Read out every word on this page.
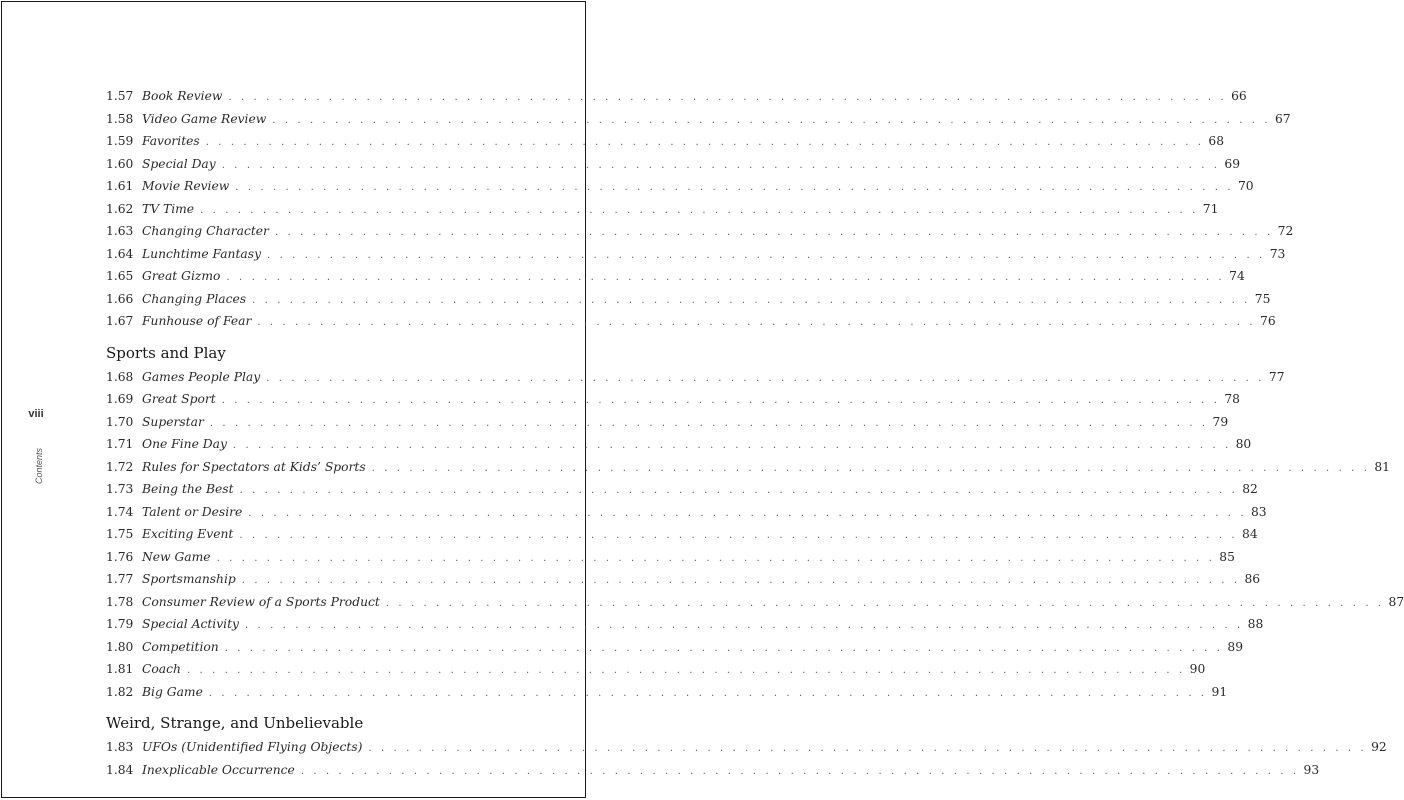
viii
Contents
1.57 Book Review . . . . . . . . . . . . . . . . . . . . . . . . . . . . . . . . . . . . . . . . . . . . . . . . . . . . . . . . . . . . . . . . . . . . . . . . . . . . . . . . 66
1.58 Video Game Review . . . . . . . . . . . . . . . . . . . . . . . . . . . . . . . . . . . . . . . . . . . . . . . . . . . . . . . . . . . . . . . . . . . . . . . . . . . . . . . . 67
1.59 Favorites . . . . . . . . . . . . . . . . . . . . . . . . . . . . . . . . . . . . . . . . . . . . . . . . . . . . . . . . . . . . . . . . . . . . . . . . . . . . . . . . 68
1.60 Special Day . . . . . . . . . . . . . . . . . . . . . . . . . . . . . . . . . . . . . . . . . . . . . . . . . . . . . . . . . . . . . . . . . . . . . . . . . . . . . . . . 69
1.61 Movie Review . . . . . . . . . . . . . . . . . . . . . . . . . . . . . . . . . . . . . . . . . . . . . . . . . . . . . . . . . . . . . . . . . . . . . . . . . . . . . . . . 70
1.62 TV Time . . . . . . . . . . . . . . . . . . . . . . . . . . . . . . . . . . . . . . . . . . . . . . . . . . . . . . . . . . . . . . . . . . . . . . . . . . . . . . . . 71
1.63 Changing Character . . . . . . . . . . . . . . . . . . . . . . . . . . . . . . . . . . . . . . . . . . . . . . . . . . . . . . . . . . . . . . . . . . . . . . . . . . . . . . . . 72
1.64 Lunchtime Fantasy . . . . . . . . . . . . . . . . . . . . . . . . . . . . . . . . . . . . . . . . . . . . . . . . . . . . . . . . . . . . . . . . . . . . . . . . . . . . . . . . 73
1.65 Great Gizmo . . . . . . . . . . . . . . . . . . . . . . . . . . . . . . . . . . . . . . . . . . . . . . . . . . . . . . . . . . . . . . . . . . . . . . . . . . . . . . . . 74
1.66 Changing Places . . . . . . . . . . . . . . . . . . . . . . . . . . . . . . . . . . . . . . . . . . . . . . . . . . . . . . . . . . . . . . . . . . . . . . . . . . . . . . . . 75
1.67 Funhouse of Fear . . . . . . . . . . . . . . . . . . . . . . . . . . . . . . . . . . . . . . . . . . . . . . . . . . . . . . . . . . . . . . . . . . . . . . . . . . . . . . . . 76
Sports and Play
1.68 Games People Play . . . . . . . . . . . . . . . . . . . . . . . . . . . . . . . . . . . . . . . . . . . . . . . . . . . . . . . . . . . . . . . . . . . . . . . . . . . . . . . . 77
1.69 Great Sport . . . . . . . . . . . . . . . . . . . . . . . . . . . . . . . . . . . . . . . . . . . . . . . . . . . . . . . . . . . . . . . . . . . . . . . . . . . . . . . . 78
1.70 Superstar . . . . . . . . . . . . . . . . . . . . . . . . . . . . . . . . . . . . . . . . . . . . . . . . . . . . . . . . . . . . . . . . . . . . . . . . . . . . . . . . 79
1.71 One Fine Day . . . . . . . . . . . . . . . . . . . . . . . . . . . . . . . . . . . . . . . . . . . . . . . . . . . . . . . . . . . . . . . . . . . . . . . . . . . . . . . . 80
1.72 Rules for Spectators at Kids’ Sports . . . . . . . . . . . . . . . . . . . . . . . . . . . . . . . . . . . . . . . . . . . . . . . . . . . . . . . . . . . . . . . . . . . . . . . . . . . . . . . . 81
1.73 Being the Best . . . . . . . . . . . . . . . . . . . . . . . . . . . . . . . . . . . . . . . . . . . . . . . . . . . . . . . . . . . . . . . . . . . . . . . . . . . . . . . . 82
1.74 Talent or Desire . . . . . . . . . . . . . . . . . . . . . . . . . . . . . . . . . . . . . . . . . . . . . . . . . . . . . . . . . . . . . . . . . . . . . . . . . . . . . . . . 83
1.75 Exciting Event . . . . . . . . . . . . . . . . . . . . . . . . . . . . . . . . . . . . . . . . . . . . . . . . . . . . . . . . . . . . . . . . . . . . . . . . . . . . . . . . 84
1.76 New Game . . . . . . . . . . . . . . . . . . . . . . . . . . . . . . . . . . . . . . . . . . . . . . . . . . . . . . . . . . . . . . . . . . . . . . . . . . . . . . . . 85
1.77 Sportsmanship . . . . . . . . . . . . . . . . . . . . . . . . . . . . . . . . . . . . . . . . . . . . . . . . . . . . . . . . . . . . . . . . . . . . . . . . . . . . . . . . 86
1.78 Consumer Review of a Sports Product . . . . . . . . . . . . . . . . . . . . . . . . . . . . . . . . . . . . . . . . . . . . . . . . . . . . . . . . . . . . . . . . . . . . . . . . . . . . . . . . 87
1.79 Special Activity . . . . . . . . . . . . . . . . . . . . . . . . . . . . . . . . . . . . . . . . . . . . . . . . . . . . . . . . . . . . . . . . . . . . . . . . . . . . . . . . 88
1.80 Competition . . . . . . . . . . . . . . . . . . . . . . . . . . . . . . . . . . . . . . . . . . . . . . . . . . . . . . . . . . . . . . . . . . . . . . . . . . . . . . . . 89
1.81 Coach . . . . . . . . . . . . . . . . . . . . . . . . . . . . . . . . . . . . . . . . . . . . . . . . . . . . . . . . . . . . . . . . . . . . . . . . . . . . . . . . 90
1.82 Big Game . . . . . . . . . . . . . . . . . . . . . . . . . . . . . . . . . . . . . . . . . . . . . . . . . . . . . . . . . . . . . . . . . . . . . . . . . . . . . . . . 91
Weird, Strange, and Unbelievable
1.83 UFOs (Unidentified Flying Objects) . . . . . . . . . . . . . . . . . . . . . . . . . . . . . . . . . . . . . . . . . . . . . . . . . . . . . . . . . . . . . . . . . . . . . . . . . . . . . . . . 92
1.84 Inexplicable Occurrence . . . . . . . . . . . . . . . . . . . . . . . . . . . . . . . . . . . . . . . . . . . . . . . . . . . . . . . . . . . . . . . . . . . . . . . . . . . . . . . . 93
